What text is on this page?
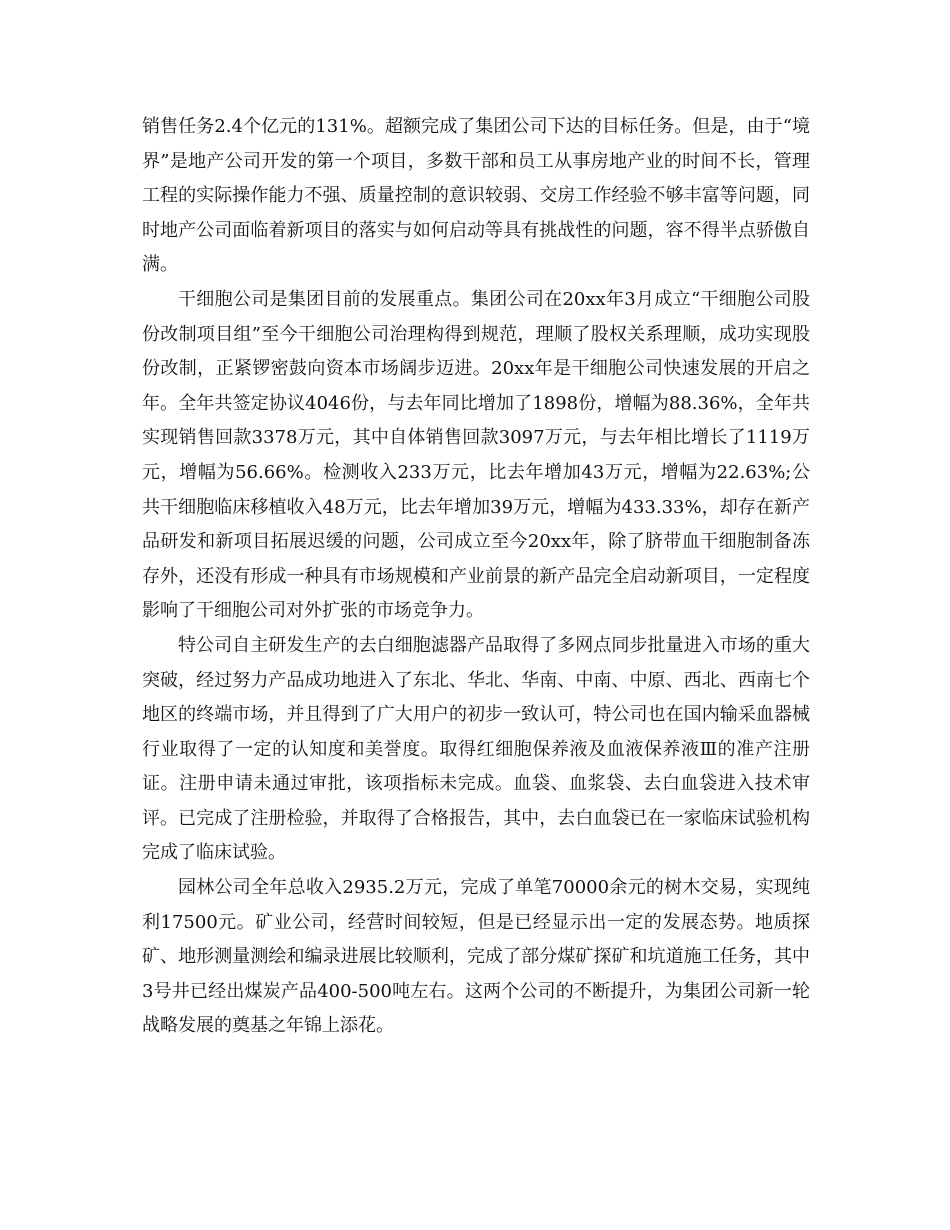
销售任务2.4个亿元的131%。超额完成了集团公司下达的目标任务。但是，由于“境界”是地产公司开发的第一个项目，多数干部和员工从事房地产业的时间不长，管理工程的实际操作能力不强、质量控制的意识较弱、交房工作经验不够丰富等问题，同时地产公司面临着新项目的落实与如何启动等具有挑战性的问题，容不得半点骄傲自满。

干细胞公司是集团目前的发展重点。集团公司在20xx年3月成立“干细胞公司股份改制项目组”至今干细胞公司治理构得到规范，理顺了股权关系理顺，成功实现股份改制，正紧锣密鼓向资本市场阔步迈进。20xx年是干细胞公司快速发展的开启之年。全年共签定协议4046份，与去年同比增加了1898份，增幅为88.36%，全年共实现销售回款3378万元，其中自体销售回款3097万元，与去年相比增长了1119万元，增幅为56.66%。检测收入233万元，比去年增加43万元，增幅为22.63%;公共干细胞临床移植收入48万元，比去年增加39万元，增幅为433.33%，却存在新产品研发和新项目拓展迟缓的问题，公司成立至今20xx年，除了脐带血干细胞制备冻存外，还没有形成一种具有市场规模和产业前景的新产品完全启动新项目，一定程度影响了干细胞公司对外扩张的市场竞争力。

特公司自主研发生产的去白细胞滤器产品取得了多网点同步批量进入市场的重大突破，经过努力产品成功地进入了东北、华北、华南、中南、中原、西北、西南七个地区的终端市场，并且得到了广大用户的初步一致认可，特公司也在国内输采血器械行业取得了一定的认知度和美誉度。取得红细胞保养液及血液保养液Ⅲ的准产注册证。注册申请未通过审批，该项指标未完成。血袋、血浆袋、去白血袋进入技术审评。已完成了注册检验，并取得了合格报告，其中，去白血袋已在一家临床试验机构完成了临床试验。

园林公司全年总收入2935.2万元，完成了单笔70000余元的树木交易，实现纯利17500元。矿业公司，经营时间较短，但是已经显示出一定的发展态势。地质探矿、地形测量测绘和编录进展比较顺利，完成了部分煤矿探矿和坑道施工任务，其中3号井已经出煤炭产品400-500吨左右。这两个公司的不断提升，为集团公司新一轮战略发展的奠基之年锦上添花。
